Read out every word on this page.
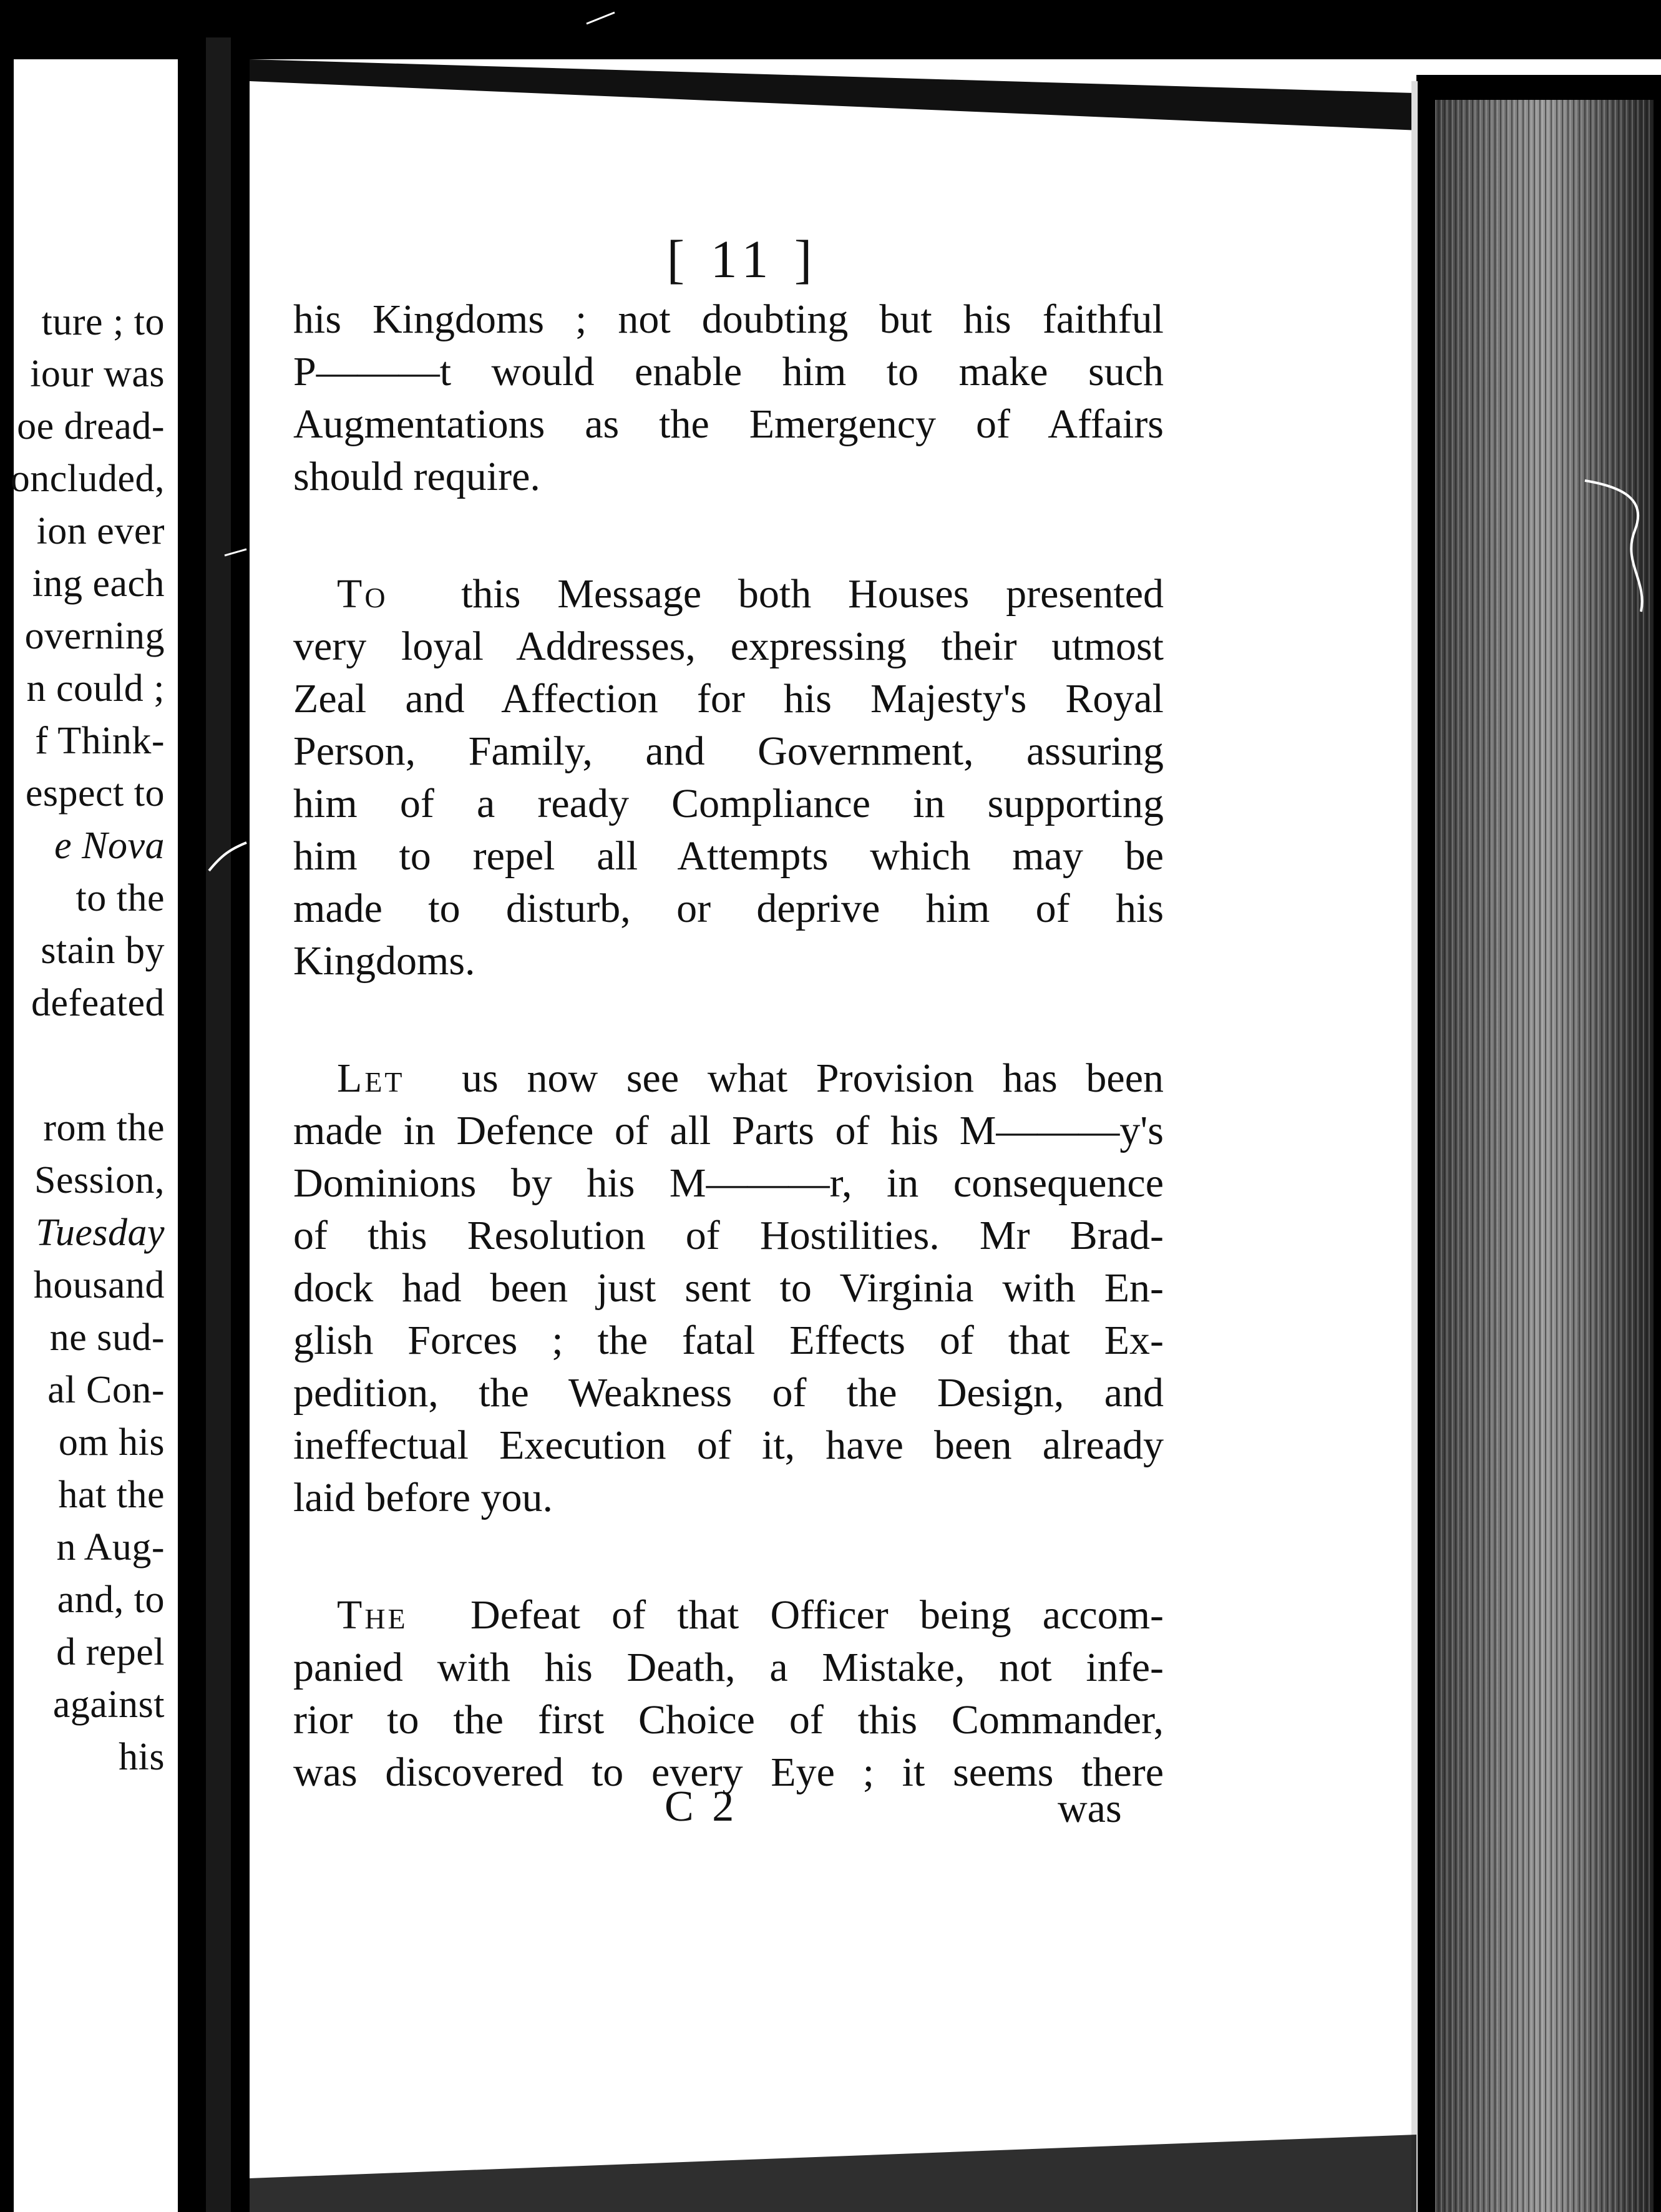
ture ; to
iour was
oe dread-
oncluded,
ion ever
ing each
overning
n could ;
f Think-
espect to
e Nova
to the
stain by
defeated
rom the
Session,
Tuesday
housand
ne sud-
al Con-
om his
hat the
n Aug-
and, to
d repel
against
his
[ 11 ]
his Kingdoms ; not doubting but his faithful
P———t would enable him to make such
Augmentations as the Emergency of Affairs
should require.
To this Message both Houses presented
very loyal Addresses, expressing their utmost
Zeal and Affection for his Majesty's Royal
Person, Family, and Government, assuring
him of a ready Compliance in supporting
him to repel all Attempts which may be
made to disturb, or deprive him of his
Kingdoms.
Let us now see what Provision has been
made in Defence of all Parts of his M———y's
Dominions by his M———r, in consequence
of this Resolution of Hostilities. Mr Brad-
dock had been just sent to Virginia with En-
glish Forces ; the fatal Effects of that Ex-
pedition, the Weakness of the Design, and
ineffectual Execution of it, have been already
laid before you.
The Defeat of that Officer being accom-
panied with his Death, a Mistake, not infe-
rior to the first Choice of this Commander,
was discovered to every Eye ; it seems there
C 2	was
